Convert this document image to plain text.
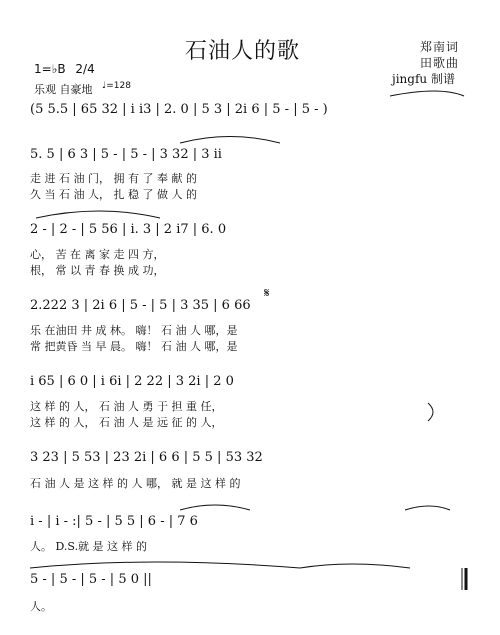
石油人的歌	郑南词
田歌曲
jingfu 制谱
1=♭B 2/4
乐观 自豪地 ♩=128
(5 5.5 | 65 32 | i i3 | 2. 0 | 5 3 | 2i 6 | 5 - | 5 - )
5. 5 | 6 3 | 5 - | 5 - | 3 32 | 3 ii
走 进 石 油 门， 拥 有 了 奉 献 的
久 当 石 油 人， 扎 稳 了 做 人 的
2 - | 2 - | 5 56 | i. 3 | 2 i7 | 6. 0
心， 苦 在 离 家 走 四 方，
根， 常 以 青 春 换 成 功，
𝄋
2.222 3 | 2i 6 | 5 - | 5 | 3 35 | 6 66
乐 在油田 井 成 林。 嗨！ 石 油 人 哪，是
常 把黄昏 当 早 晨。 嗨！ 石 油 人 哪，是
i 65 | 6 0 | i 6i | 2 22 | 3 2i | 2 0
这 样 的 人， 石 油 人 勇 于 担 重 任，
这 样 的 人， 石 油 人 是 远 征 的 人，
3 23 | 5 53 | 23 2i | 6 6 | 5 5 | 53 32
石 油 人 是 这 样 的 人 哪， 就 是 这 样 的
i - | i - :| 5 - | 5 5 | 6 - | 7 6
人。 D.S.就 是 这 样 的
5 - | 5 - | 5 - | 5 0 ||
人。
